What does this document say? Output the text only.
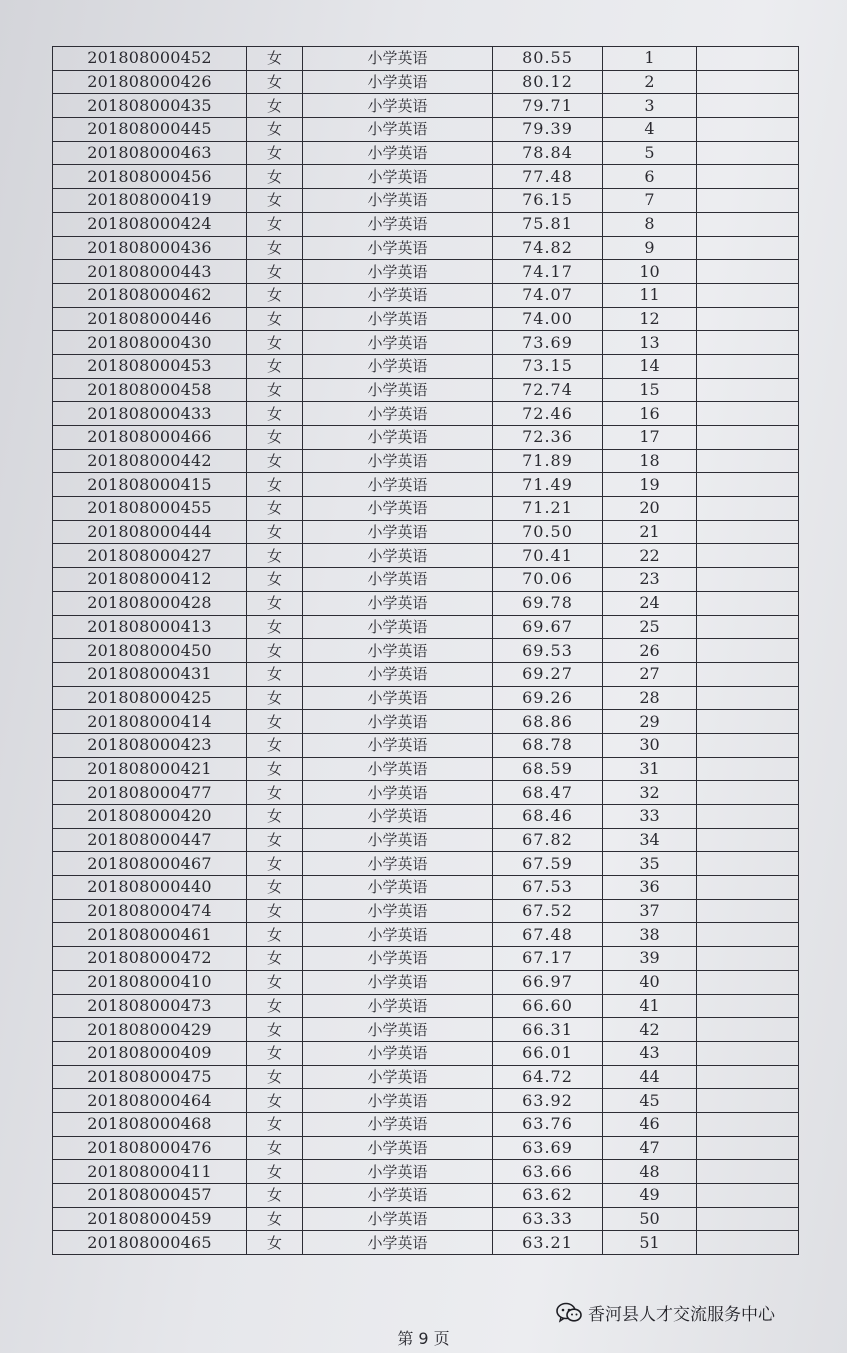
201808000452	女	小学英语	80.55	1	
201808000426	女	小学英语	80.12	2	
201808000435	女	小学英语	79.71	3	
201808000445	女	小学英语	79.39	4	
201808000463	女	小学英语	78.84	5	
201808000456	女	小学英语	77.48	6	
201808000419	女	小学英语	76.15	7	
201808000424	女	小学英语	75.81	8	
201808000436	女	小学英语	74.82	9	
201808000443	女	小学英语	74.17	10	
201808000462	女	小学英语	74.07	11	
201808000446	女	小学英语	74.00	12	
201808000430	女	小学英语	73.69	13	
201808000453	女	小学英语	73.15	14	
201808000458	女	小学英语	72.74	15	
201808000433	女	小学英语	72.46	16	
201808000466	女	小学英语	72.36	17	
201808000442	女	小学英语	71.89	18	
201808000415	女	小学英语	71.49	19	
201808000455	女	小学英语	71.21	20	
201808000444	女	小学英语	70.50	21	
201808000427	女	小学英语	70.41	22	
201808000412	女	小学英语	70.06	23	
201808000428	女	小学英语	69.78	24	
201808000413	女	小学英语	69.67	25	
201808000450	女	小学英语	69.53	26	
201808000431	女	小学英语	69.27	27	
201808000425	女	小学英语	69.26	28	
201808000414	女	小学英语	68.86	29	
201808000423	女	小学英语	68.78	30	
201808000421	女	小学英语	68.59	31	
201808000477	女	小学英语	68.47	32	
201808000420	女	小学英语	68.46	33	
201808000447	女	小学英语	67.82	34	
201808000467	女	小学英语	67.59	35	
201808000440	女	小学英语	67.53	36	
201808000474	女	小学英语	67.52	37	
201808000461	女	小学英语	67.48	38	
201808000472	女	小学英语	67.17	39	
201808000410	女	小学英语	66.97	40	
201808000473	女	小学英语	66.60	41	
201808000429	女	小学英语	66.31	42	
201808000409	女	小学英语	66.01	43	
201808000475	女	小学英语	64.72	44	
201808000464	女	小学英语	63.92	45	
201808000468	女	小学英语	63.76	46	
201808000476	女	小学英语	63.69	47	
201808000411	女	小学英语	63.66	48	
201808000457	女	小学英语	63.62	49	
201808000459	女	小学英语	63.33	50	
201808000465	女	小学英语	63.21	51	
香河县人才交流服务中心
第 9 页
